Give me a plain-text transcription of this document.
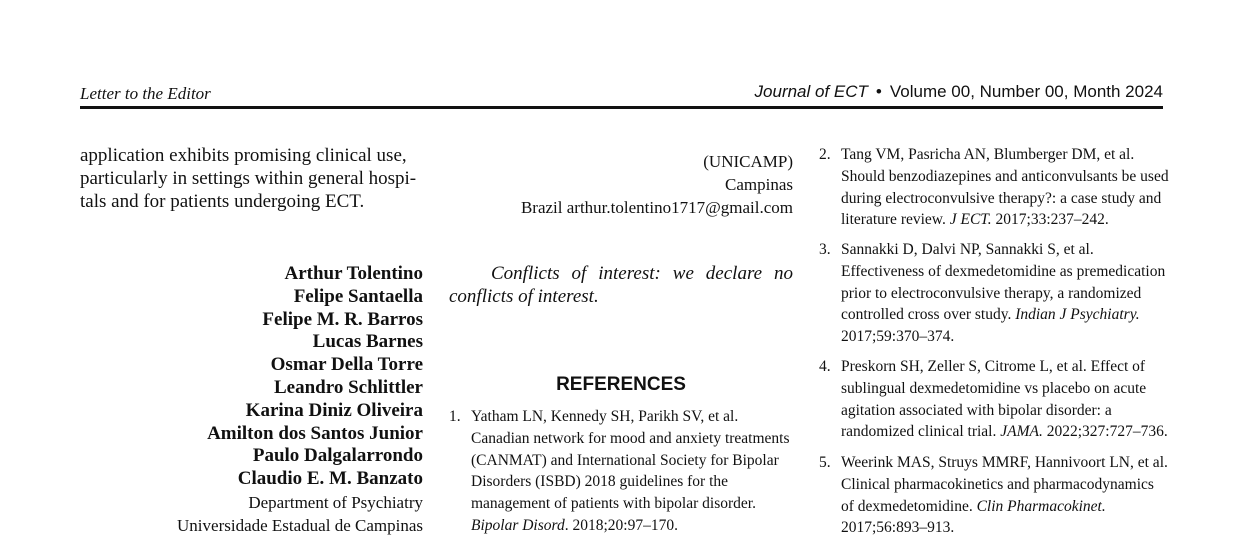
Letter to the Editor	Journal of ECT • Volume 00, Number 00, Month 2024

application exhibits promising clinical use,
particularly in settings within general hospi-
tals and for patients undergoing ECT.

Arthur Tolentino
Felipe Santaella
Felipe M. R. Barros
Lucas Barnes
Osmar Della Torre
Leandro Schlittler
Karina Diniz Oliveira
Amilton dos Santos Junior
Paulo Dalgalarrondo
Claudio E. M. Banzato
Department of Psychiatry
Universidade Estadual de Campinas
(UNICAMP)
Campinas
Brazil arthur.tolentino1717@gmail.com

Conflicts of interest: we declare no conflicts of interest.

REFERENCES
1. Yatham LN, Kennedy SH, Parikh SV, et al. Canadian network for mood and anxiety treatments (CANMAT) and International Society for Bipolar Disorders (ISBD) 2018 guidelines for the management of patients with bipolar disorder. Bipolar Disord. 2018;20:97–170.
2. Tang VM, Pasricha AN, Blumberger DM, et al. Should benzodiazepines and anticonvulsants be used during electroconvulsive therapy?: a case study and literature review. J ECT. 2017;33:237–242.
3. Sannakki D, Dalvi NP, Sannakki S, et al. Effectiveness of dexmedetomidine as premedication prior to electroconvulsive therapy, a randomized controlled cross over study. Indian J Psychiatry. 2017;59:370–374.
4. Preskorn SH, Zeller S, Citrome L, et al. Effect of sublingual dexmedetomidine vs placebo on acute agitation associated with bipolar disorder: a randomized clinical trial. JAMA. 2022;327:727–736.
5. Weerink MAS, Struys MMRF, Hannivoort LN, et al. Clinical pharmacokinetics and pharmacodynamics of dexmedetomidine. Clin Pharmacokinet. 2017;56:893–913.
